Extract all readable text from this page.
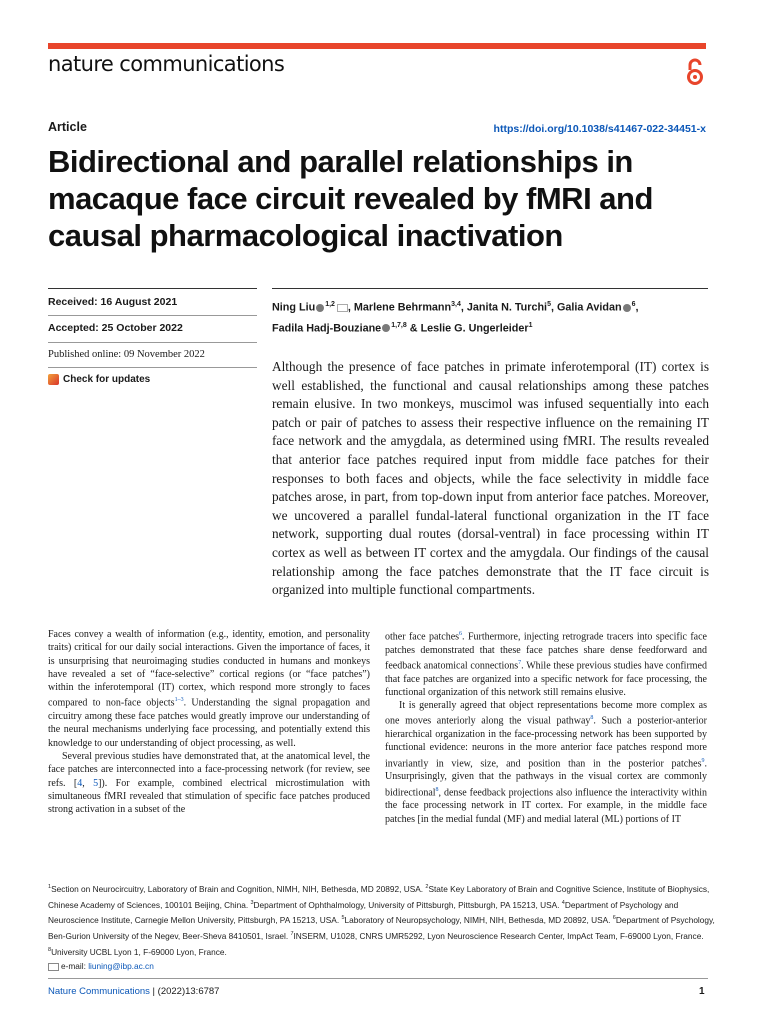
nature communications
Article	https://doi.org/10.1038/s41467-022-34451-x
Bidirectional and parallel relationships in macaque face circuit revealed by fMRI and causal pharmacological inactivation
Received: 16 August 2021
Accepted: 25 October 2022
Published online: 09 November 2022
Check for updates
Ning Liu $^{1,2}$ , Marlene Behrmann$^{3,4}$, Janita N. Turchi$^5$, Galia Avidan $^6$,
Fadila Hadj-Bouziane $^{1,7,8}$ & Leslie G. Ungerleider$^1$
Although the presence of face patches in primate inferotemporal (IT) cortex is well established, the functional and causal relationships among these patches remain elusive. In two monkeys, muscimol was infused sequentially into each patch or pair of patches to assess their respective influence on the remaining IT face network and the amygdala, as determined using fMRI. The results revealed that anterior face patches required input from middle face patches for their responses to both faces and objects, while the face selectivity in middle face patches arose, in part, from top-down input from anterior face patches. Moreover, we uncovered a parallel fundal-lateral functional organization in the IT face network, supporting dual routes (dorsal-ventral) in face processing within IT cortex as well as between IT cortex and the amygdala. Our findings of the causal relationship among the face patches demonstrate that the IT face circuit is organized into multiple functional compartments.

Faces convey a wealth of information (e.g., identity, emotion, and personality traits) critical for our daily social interactions. Given the importance of faces, it is unsurprising that neuroimaging studies conducted in humans and monkeys have revealed a set of “face-selective” cortical regions (or “face patches”) within the inferotemporal (IT) cortex, which respond more strongly to faces compared to non-face objects$^{1-3}$. Understanding the signal propagation and circuitry among these face patches would greatly improve our understanding of the neural mechanisms underlying face processing, and potentially extend this knowledge to our understanding of object processing, as well.

Several previous studies have demonstrated that, at the anatomical level, the face patches are interconnected into a face-processing network (for review, see refs. [4, 5]). For example, combined electrical microstimulation with simultaneous fMRI revealed that stimulation of specific face patches produced strong activation in a subset of the

other face patches$^6$. Furthermore, injecting retrograde tracers into specific face patches demonstrated that these face patches share dense feedforward and feedback anatomical connections$^7$. While these previous studies have confirmed that face patches are organized into a specific network for face processing, the functional organization of this network still remains elusive.

It is generally agreed that object representations become more complex as one moves anteriorly along the visual pathway$^8$. Such a posterior-anterior hierarchical organization in the face-processing network has been supported by functional evidence: neurons in the more anterior face patches respond more invariantly in view, size, and position than in the posterior patches$^9$. Unsurprisingly, given that the pathways in the visual cortex are commonly bidirectional$^8$, dense feedback projections also influence the interactivity within the face processing network in IT cortex. For example, in the middle face patches [in the medial fundal (MF) and medial lateral (ML) portions of IT

$^1$Section on Neurocircuitry, Laboratory of Brain and Cognition, NIMH, NIH, Bethesda, MD 20892, USA. $^2$State Key Laboratory of Brain and Cognitive Science, Institute of Biophysics, Chinese Academy of Sciences, 100101 Beijing, China. $^3$Department of Ophthalmology, University of Pittsburgh, Pittsburgh, PA 15213, USA. $^4$Department of Psychology and Neuroscience Institute, Carnegie Mellon University, Pittsburgh, PA 15213, USA. $^5$Laboratory of Neuropsychology, NIMH, NIH, Bethesda, MD 20892, USA. $^6$Department of Psychology, Ben-Gurion University of the Negev, Beer-Sheva 8410501, Israel. $^7$INSERM, U1028, CNRS UMR5292, Lyon Neuroscience Research Center, ImpAct Team, F-69000 Lyon, France. $^8$University UCBL Lyon 1, F-69000 Lyon, France.
e-mail: liuning@ibp.ac.cn
Nature Communications | (2022)13:6787	1
